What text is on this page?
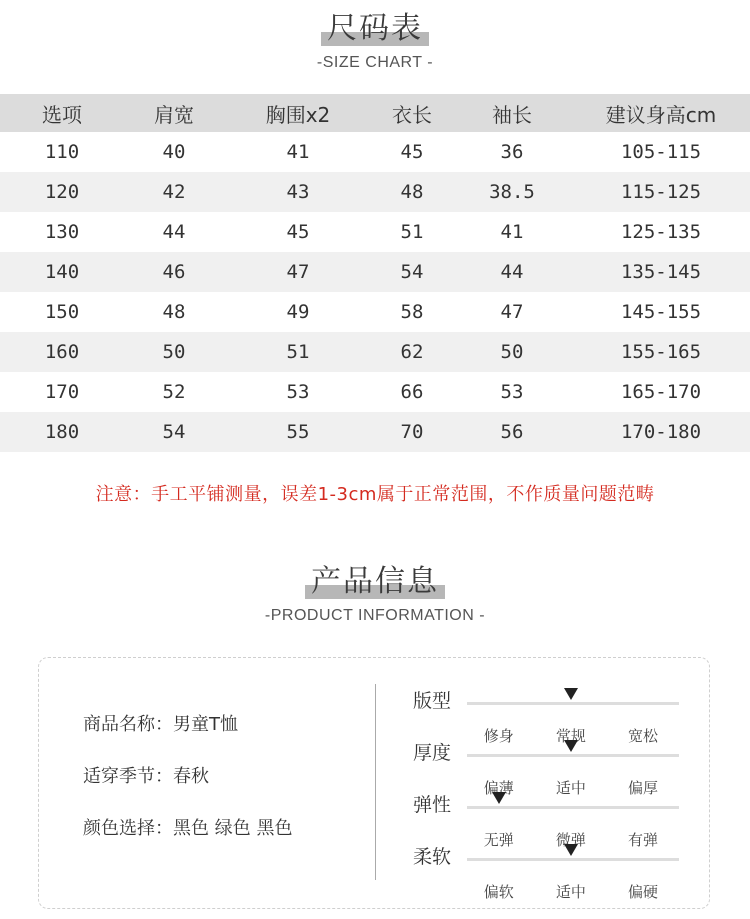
尺码表
-SIZE CHART -
选项	肩宽	胸围x2	衣长	袖长	建议身高cm
110	40	41	45	36	105-115
120	42	43	48	38.5	115-125
130	44	45	51	41	125-135
140	46	47	54	44	135-145
150	48	49	58	47	145-155
160	50	51	62	50	155-165
170	52	53	66	53	165-170
180	54	55	70	56	170-180
注意：手工平铺测量，误差1-3cm属于正常范围，不作质量问题范畴
产品信息
-PRODUCT INFORMATION -
商品名称：男童T恤
适穿季节：春秋
颜色选择：黑色 绿色 黑色
版型
修身	常规	宽松
厚度
偏薄	适中	偏厚
弹性
无弹	微弹	有弹
柔软
偏软	适中	偏硬
